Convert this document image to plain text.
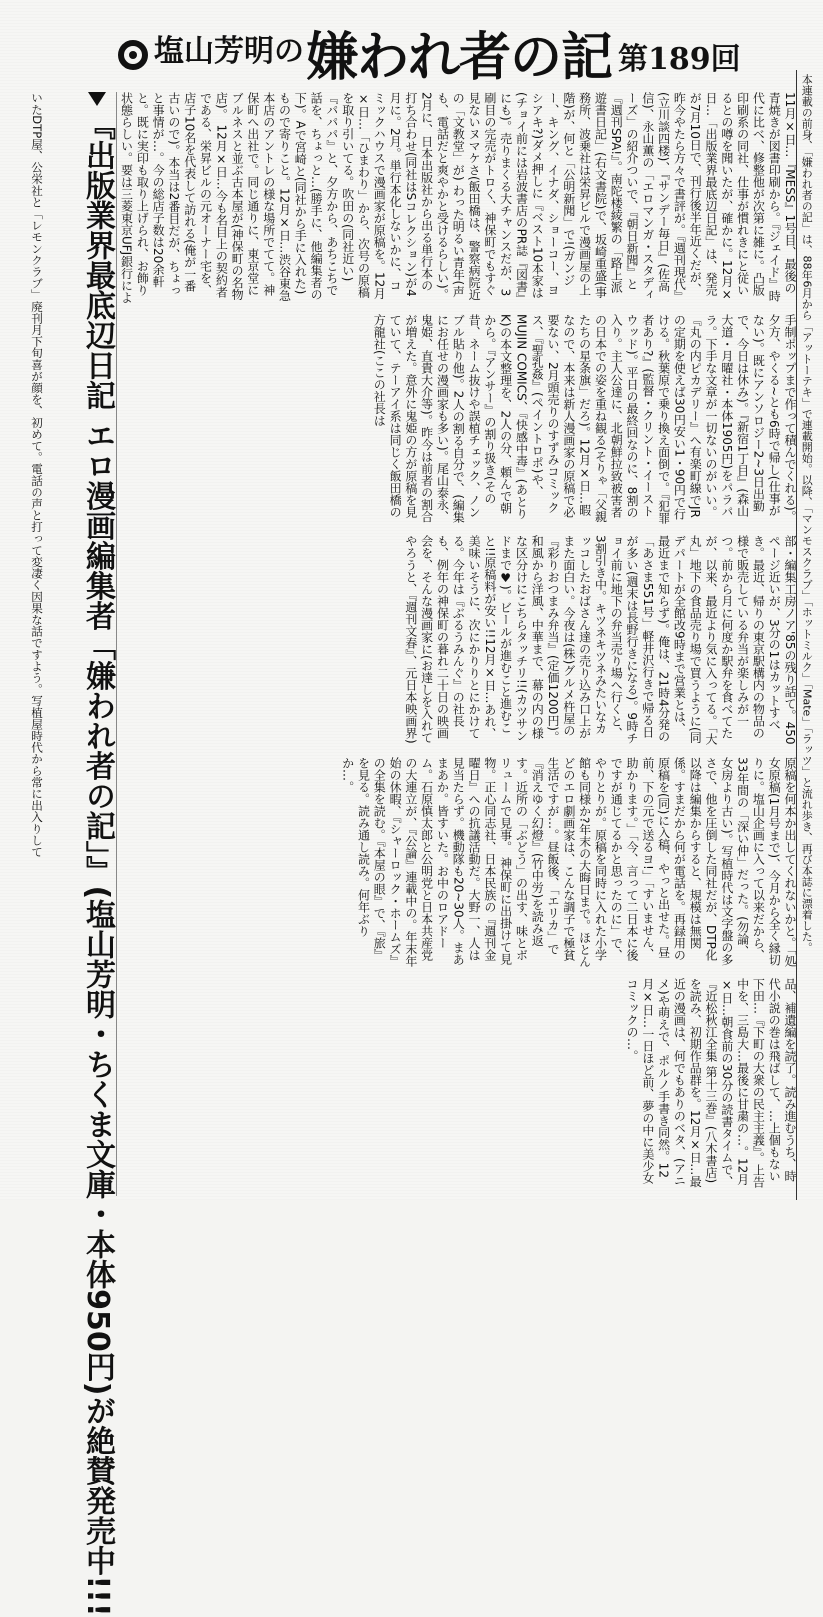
塩山芳明の 嫌われ者の記 第189回
本連載の前身、「嫌われ者の記」は、88年6月から「アットーテキ」で連載開始。以降、「マンモスクラブ」「ホットミルク」「Mate」「ラッツ」と流れ歩き、再び本誌に漂着した。
11月×日…『MESS』1号目、最後の青焼きが図書印刷から。『ジェイド』時代に比べ、修整他が次第に雑に。凸版印刷系の同社、仕事が慣れきにと従いるとの噂を聞いたが、確かに。12月×日…「出版業界最底辺日記」は、発売が7月10日で、刊行後半年近くだが、昨今やたら方々で書評が。『週刊現代』(立川談四楼)、『サンデー毎日』(佐高信)、永山薫の「エロマンガ・スタディーズ」の紹介ついで、『朝日新聞』と『週刊SPA!』。南陀楼綾繁の「路上派遊書日記」(右文書院)で、坂崎重盛(事務所、波乗社は栄昇ビルで漫画屋の上階)が、何と「公明新聞」で!(ガンジー、キング、イナダ、ショーコー、ヨシアキ?)ダメ押しに『ベスト10本家は(チョイ前には岩波書店のPR誌『図書』にも)。売りまくる大チャンスだが、3刷目の完売がトロく、神保町でもすぐ見ないヌマケさ(飯田橋は、警察病院近の「文教堂」が) わった明るい青年(声も、電話だと爽やかと受けるらしい)。2月に、日本出版社から出る単行本の打ち合わせ(同社はSコレクション)が4月に。2月。単行本化しないかに、コミックハウスで漫画家が原稿を。12月×日…「ひまわり」から、次号の原稿を取り引いてる。吹田の(同社近い)『パパパ』と、夕方から、あちこちで話を、ちょっと…(勝手に、他編集者の下)。Aで宮崎と(同社から手に入れた)もので寄りこと。12月×日…渋谷東急本店のアントレの様な場所でてて。神保町へ出社で。同じ通りに、東京堂にブルネスと並ぶ古本屋が(神保町の名物店)。 12月×日…今も名目上の契約者である、栄昇ビルの元オーナー宅を、店子10名を代表して訪れる(俺が一番古いので)。本当は2番目だが、ちょっと事情が…。今の総店子数は20余軒と。既に実印も取り上げられ、お飾り状態らしい。要は三菱東京UFJ銀行によ
手制ポップまで作って積んでくれる)。夕方、やくる~とも6時で帰し(仕事がない)。既にアンソロジー2~3日出勤で、今日は休み)。『新宿1丁目』(森山大道・月曜社・本体1905円)をパラパラ。下手な文章が一切ないのがいい。『丸の内ピカデリー』へ有楽町線でJRの定期を使えば30円安い1・90円で行ける。秋葉原で乗り換え面倒で。『犯罪者あり?』(監督・クリント・イーストウッド)。平日の最終回なのに、8割の入り。主人公達に、北朝鮮拉致被害者の日本での姿を重ね観る(そりゃ「父親たちの星条旗」だろ)。12月×日…暇なので、本来は新人漫画家の原稿で必要ない、2月頭売りのすずみコミックス、『聖乳姦』(ペイントロポ)や、MUJIN COMICS、『快感中毒』(あとりK)の本文整理を、2人の分、頼んで朝から。『アンサー』の割り扱き(その昔、ネーム抜けや誤植チェック、ノンブル貼り他)。2人の割る自分で、(編集にお任せの漫画家も多い)。尾山泰永、鬼姫、直貴大介等)。昨今は前者の割合が増えた。意外に鬼姫の方が原稿を見ていて、テーアイ系は同じく飯田橋の方龍社(ここの社長は
部・編集工房ノア'85の残り話て。450ページ近いが、3分の1はカットすべき。最近、帰りの東京駅構内の物品の様で販売している弁当が楽しみが一つ。前から月に何度か駅弁を食べてたが、以来、最近より気に入ってる。「大丸」地下の食品売り場で買うように(同デパートが全館改9時まで営業とは、最近まで知らず)。俺は、21時4分発の「あさま551号」軽井沢行きで帰る日が多い(週末は長野行きになる)。9時チョイ前に地下の弁当売り場へ行くと、3割引き中。キツネキツネみたいなカッコしたおばさん達の売り込み口上がまた面白い。今夜は(株)グルメ杵屋の『彩りおつまみ弁当』(定価1200円)。和風から洋風、中華まで、幕の内の様な区分けにこちらタッチリ!!(カツサンドまで♥)。ビールが進むこと進むこと!!原稿料が安い!!12月×日…あれ、美味いそうに、次にかりりとにかけてる。今年は『ぶるうみんぐ』の社長も、例年の神保町の暮れ二十日の映画会を、そんな漫画家に(お達しを入れてやろうと、『週刊文春』、元日本映画界)
原稿を何本か出してくれないかと。「処女原稿(1月号まで)、今月から全く縁切りに。塩山企画に入って以来だから、33年間の「深い仲」だった。(勿論、女房より古い)。写植時代は文字盤の多さで、他を圧倒した同社だが、DTP化以降は編集からすると、規模は無関係。すまだから何が電話を。再録用の原稿を(同)に入稿、やっと出せた。昼前、下の元で送るヨ!」「すいません、助かります。」「今、言って二日本に後ですが通じてるかと思ったのに」で、やりとりが。原稿を同時に入れた小学館も同様か?年末の大晦日まで。ほとんどのエロ劇画家は、こんな調子で極貧生活ですが…。昼飯後、「エリカ」で『消えゆく幻燈』(竹中労)を読み返す。近所の「ぶどう」の出す、味とボリュームで見事。 神保町に出掛けて見物。正心同志社、日本民族の『週刊金曜日』への抗議活動だ。大野一、人は見当たらず。機動隊も20~30人。まあまあか。皆すいた。お中のロアドーム。石原慎太郎と公明党と日本共産党の大連立が、『公論』連載中の。年末年始の休暇、『シャーロック・ホームズ』の全集を読む。『本屋の眼』で、『旅』を見る。読み通し読み。何年ぶりか…。
品、補遺編を読了。読み進むうち、時代小説の巻は飛ばして、…上個もない下田…『下町の大衆の民主主義』。上告中を、三島大…最後に甘粛の…。12月×日…朝食前の30分の読書タイムで、『近松秋江全集 第十三巻』(八木書店)を読み、初期作品群を。12月×日…最近の漫画は、何でもありのベタ、(アニメ)や萌えで、ポルノ手書き同然。12月×日…一日ほど前、夢の中に美少女コミックの…。
『出版業界最底辺日記 エロ漫画編集者「嫌われ者の記」』(塩山芳明・ちくま文庫・本体950円)が絶賛発売中!!!
いたDTP屋、公栄社と「レモンクラブ」廃刊月下旬喜が顔を、初めて。電話の声と打って変凄く因果な話ですよう。写植屋時代から常に出入りして
